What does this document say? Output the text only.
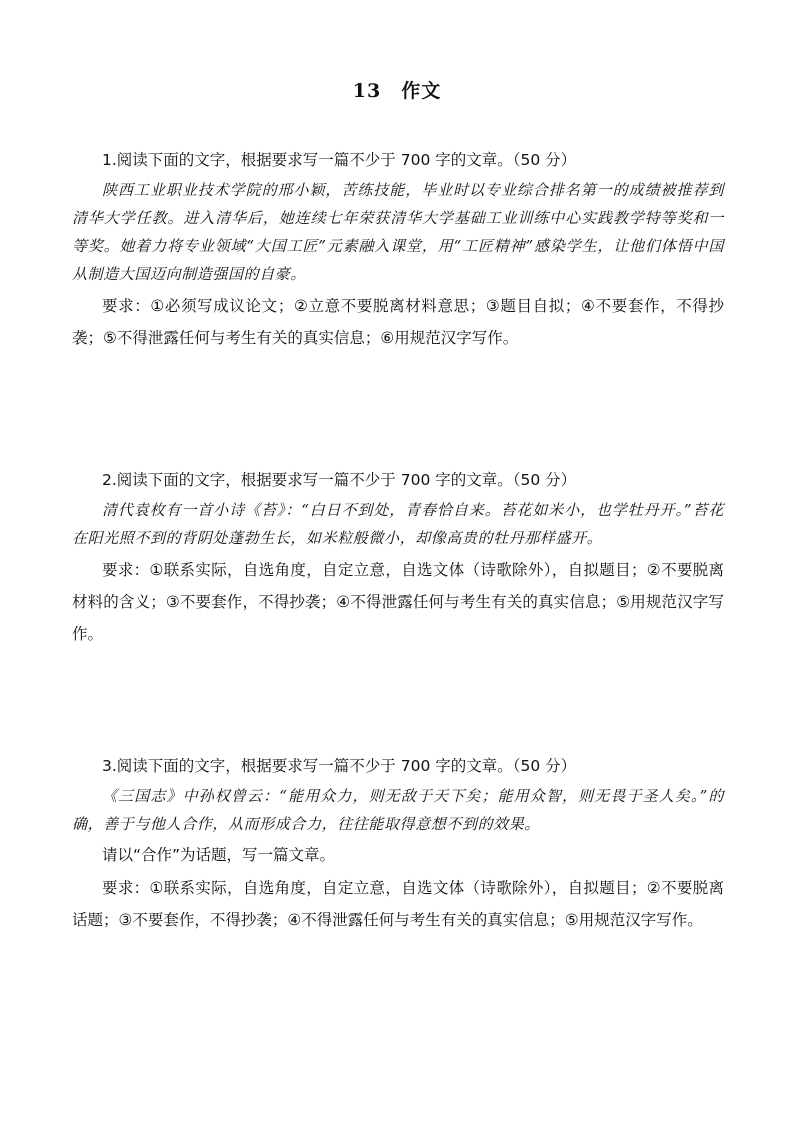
13 作文

1.阅读下面的文字，根据要求写一篇不少于 700 字的文章。（50 分）

陕西工业职业技术学院的邢小颖，苦练技能，毕业时以专业综合排名第一的成绩被推荐到清华大学任教。进入清华后，她连续七年荣获清华大学基础工业训练中心实践教学特等奖和一等奖。她着力将专业领域“大国工匠”元素融入课堂，用“工匠精神”感染学生，让他们体悟中国从制造大国迈向制造强国的自豪。

要求：①必须写成议论文；②立意不要脱离材料意思；③题目自拟；④不要套作，不得抄袭；⑤不得泄露任何与考生有关的真实信息；⑥用规范汉字写作。

2.阅读下面的文字，根据要求写一篇不少于 700 字的文章。（50 分）

清代袁枚有一首小诗《苔》：“白日不到处，青春恰自来。苔花如米小，也学牡丹开。”苔花在阳光照不到的背阴处蓬勃生长，如米粒般微小，却像高贵的牡丹那样盛开。

要求：①联系实际，自选角度，自定立意，自选文体（诗歌除外），自拟题目；②不要脱离材料的含义；③不要套作，不得抄袭；④不得泄露任何与考生有关的真实信息；⑤用规范汉字写作。

3.阅读下面的文字，根据要求写一篇不少于 700 字的文章。（50 分）

《三国志》中孙权曾云：“能用众力，则无敌于天下矣；能用众智，则无畏于圣人矣。”的确，善于与他人合作，从而形成合力，往往能取得意想不到的效果。

请以“合作”为话题，写一篇文章。

要求：①联系实际，自选角度，自定立意，自选文体（诗歌除外），自拟题目；②不要脱离话题；③不要套作，不得抄袭；④不得泄露任何与考生有关的真实信息；⑤用规范汉字写作。
